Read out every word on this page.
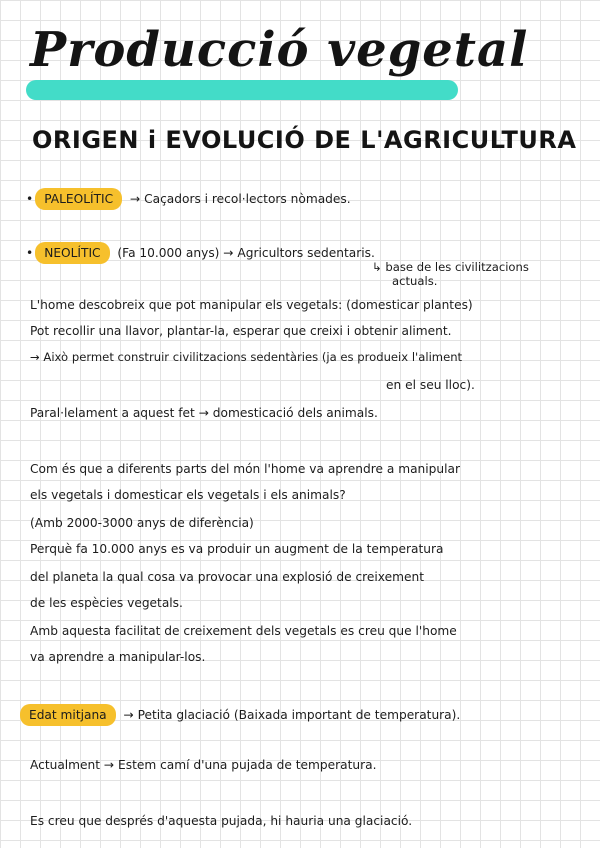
Producció vegetal
ORIGEN i EVOLUCIÓ DE L'AGRICULTURA

• PALEOLÍTIC → Caçadors i recol·lectors nòmades.

• NEOLÍTIC (Fa 10.000 anys) → Agricultors sedentaris.

↳ base de les civilitzacions

actuals.

L'home descobreix que pot manipular els vegetals: (domesticar plantes)

Pot recollir una llavor, plantar-la, esperar que creixi i obtenir aliment.

→ Això permet construir civilitzacions sedentàries (ja es produeix l'aliment

en el seu lloc).

Paral·lelament a aquest fet → domesticació dels animals.

Com és que a diferents parts del món l'home va aprendre a manipular

els vegetals i domesticar els vegetals i els animals?

(Amb 2000-3000 anys de diferència)

Perquè fa 10.000 anys es va produir un augment de la temperatura

del planeta la qual cosa va provocar una explosió de creixement

de les espècies vegetals.

Amb aquesta facilitat de creixement dels vegetals es creu que l'home

va aprendre a manipular-los.

Edat mitjana → Petita glaciació (Baixada important de temperatura).

Actualment → Estem camí d'una pujada de temperatura.

Es creu que després d'aquesta pujada, hi hauria una glaciació.
